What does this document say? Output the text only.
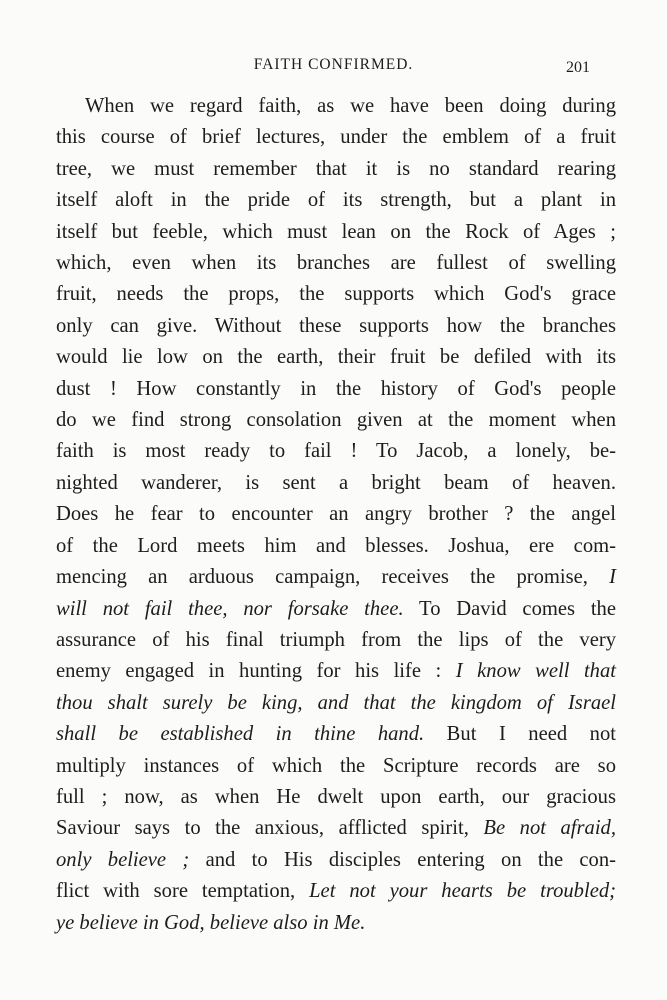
FAITH CONFIRMED.	201
When we regard faith, as we have been doing during
this course of brief lectures, under the emblem of a fruit
tree, we must remember that it is no standard rearing
itself aloft in the pride of its strength, but a plant in
itself but feeble, which must lean on the Rock of Ages ;
which, even when its branches are fullest of swelling
fruit, needs the props, the supports which God's grace
only can give. Without these supports how the branches
would lie low on the earth, their fruit be defiled with its
dust ! How constantly in the history of God's people
do we find strong consolation given at the moment when
faith is most ready to fail ! To Jacob, a lonely, be-
nighted wanderer, is sent a bright beam of heaven.
Does he fear to encounter an angry brother ? the angel
of the Lord meets him and blesses. Joshua, ere com-
mencing an arduous campaign, receives the promise, I
will not fail thee, nor forsake thee. To David comes the
assurance of his final triumph from the lips of the very
enemy engaged in hunting for his life : I know well that
thou shalt surely be king, and that the kingdom of Israel
shall be established in thine hand. But I need not
multiply instances of which the Scripture records are so
full ; now, as when He dwelt upon earth, our gracious
Saviour says to the anxious, afflicted spirit, Be not afraid,
only believe ; and to His disciples entering on the con-
flict with sore temptation, Let not your hearts be troubled;
ye believe in God, believe also in Me.
